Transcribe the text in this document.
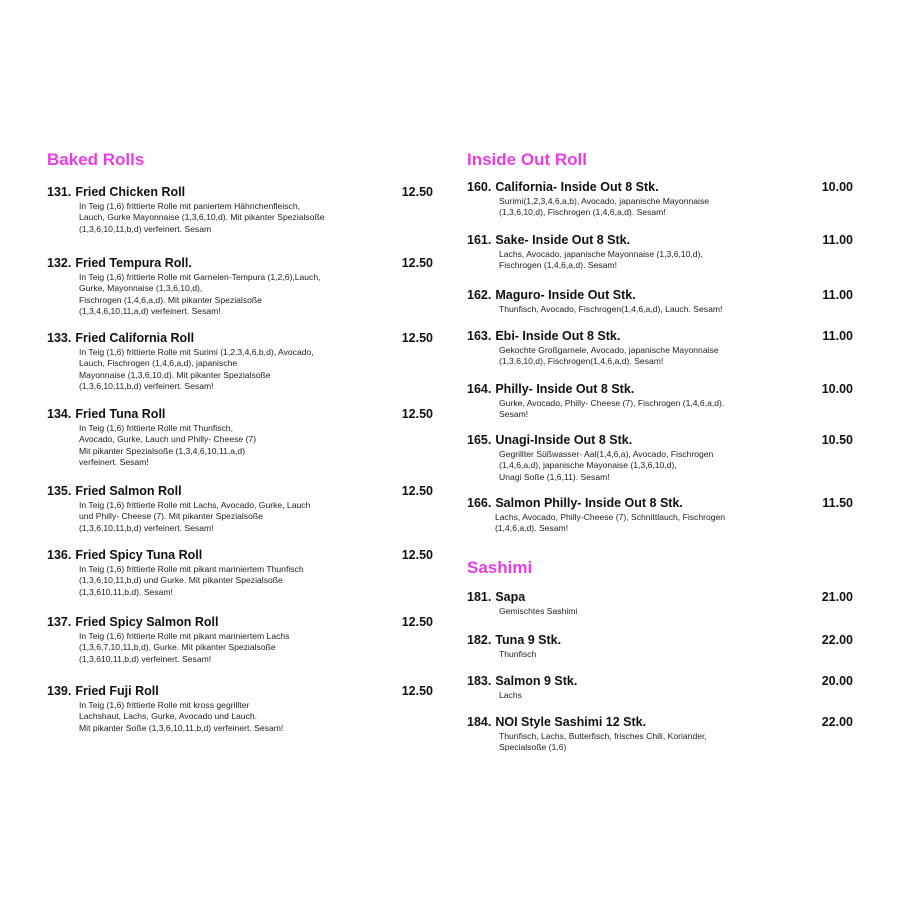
Baked Rolls
131. Fried Chicken Roll	12.50
In Teig (1,6) frittierte Rolle mit paniertem Hähnchenfleisch,
Lauch, Gurke Mayonnaise (1,3,6,10,d). Mit pikanter Spezialsoße
(1,3,6,10,11,b,d) verfeinert. Sesam
132. Fried Tempura Roll.	12.50
In Teig (1,6) frittierte Rolle mit Garnelen-Tempura (1,2,6),Lauch,
Gurke, Mayonnaise (1,3,6,10,d),
Fischrogen (1,4,6,a,d). Mit pikanter Spezialsoße
(1,3,4,6,10,11,a,d) verfeinert. Sesam!
133. Fried California Roll	12.50
In Teig (1,6) frittierte Rolle mit Surimi (1,2,3,4,6,b,d), Avocado,
Lauch, Fischrogen (1,4,6,a,d), japanische
Mayonnaise (1,3,6,10,d). Mit pikanter Spezialsoße
(1,3,6,10,11,b,d) verfeinert. Sesam!
134. Fried Tuna Roll	12.50
In Teig (1,6) frittierte Rolle mit Thunfisch,
Avocado, Gurke, Lauch und Philly- Cheese (7)
Mit pikanter Spezialsoße (1,3,4,6,10,11,a,d)
verfeinert. Sesam!
135. Fried Salmon Roll	12.50
In Teig (1,6) frittierte Rolle mit Lachs, Avocado, Gurke, Lauch
und Philly- Cheese (7). Mit pikanter Spezialsoße
(1,3,6,10,11,b,d) verfeinert. Sesam!
136. Fried Spicy Tuna Roll	12.50
In Teig (1,6) frittierte Rolle mit pikant mariniertem Thunfisch
(1,3,6,10,11,b,d) und Gurke. Mit pikanter Spezialsoße
(1,3,610,11,b,d). Sesam!
137. Fried Spicy Salmon Roll	12.50
In Teig (1,6) frittierte Rolle mit pikant mariniertem Lachs
(1,3,6,7,10,11,b,d), Gurke. Mit pikanter Spezialsoße
(1,3,610,11,b,d) verfeinert. Sesam!
139. Fried Fuji Roll	12.50
In Teig (1,6) frittierte Rolle mit kross gegrillter
Lachshaut, Lachs, Gurke, Avocado und Lauch.
Mit pikanter Soße (1,3,6,10,11,b,d) verfeinert. Sesam!
Inside Out Roll
160. California- Inside Out 8 Stk.	10.00
Surimi(1,2,3,4,6,a,b), Avocado, japanische Mayonnaise
(1,3,6,10,d), Fischrogen (1,4,6,a,d). Sesam!
161. Sake- Inside Out 8 Stk.	11.00
Lachs, Avocado, japanische Mayonnaise (1,3,6,10,d),
Fischrogen (1,4,6,a,d). Sesam!
162. Maguro- Inside Out Stk.	11.00
Thunfisch, Avocado, Fischrogen(1,4,6,a,d), Lauch. Sesam!
163. Ebi- Inside Out 8 Stk.	11.00
Gekochte Großgarnele, Avocado, japanische Mayonnaise
(1,3,6,10,d), Fischrogen(1,4,6,a,d). Sesam!
164. Philly- Inside Out 8 Stk.	10.00
Gurke, Avocado, Philly- Cheese (7), Fischrogen (1,4,6,a,d).
Sesam!
165. Unagi-Inside Out 8 Stk.	10.50
Gegrillter Süßwasser- Aal(1,4,6,a), Avocado, Fischrogen
(1,4,6,a,d), japanische Mayonaise (1,3,6,10,d),
Unagi Soße (1,6,11). Sesam!
166. Salmon Philly- Inside Out 8 Stk.	11.50
Lachs, Avocado, Philly-Cheese (7), Schnittlauch, Fischrogen
(1,4,6,a,d). Sesam!
Sashimi
181. Sapa	21.00
Gemischtes Sashimi
182. Tuna 9 Stk.	22.00
Thunfisch
183. Salmon 9 Stk.	20.00
Lachs
184. NOI Style Sashimi 12 Stk.	22.00
Thunfisch, Lachs, Butterfisch, frisches Chili, Koriander,
Specialsoße (1,6)
